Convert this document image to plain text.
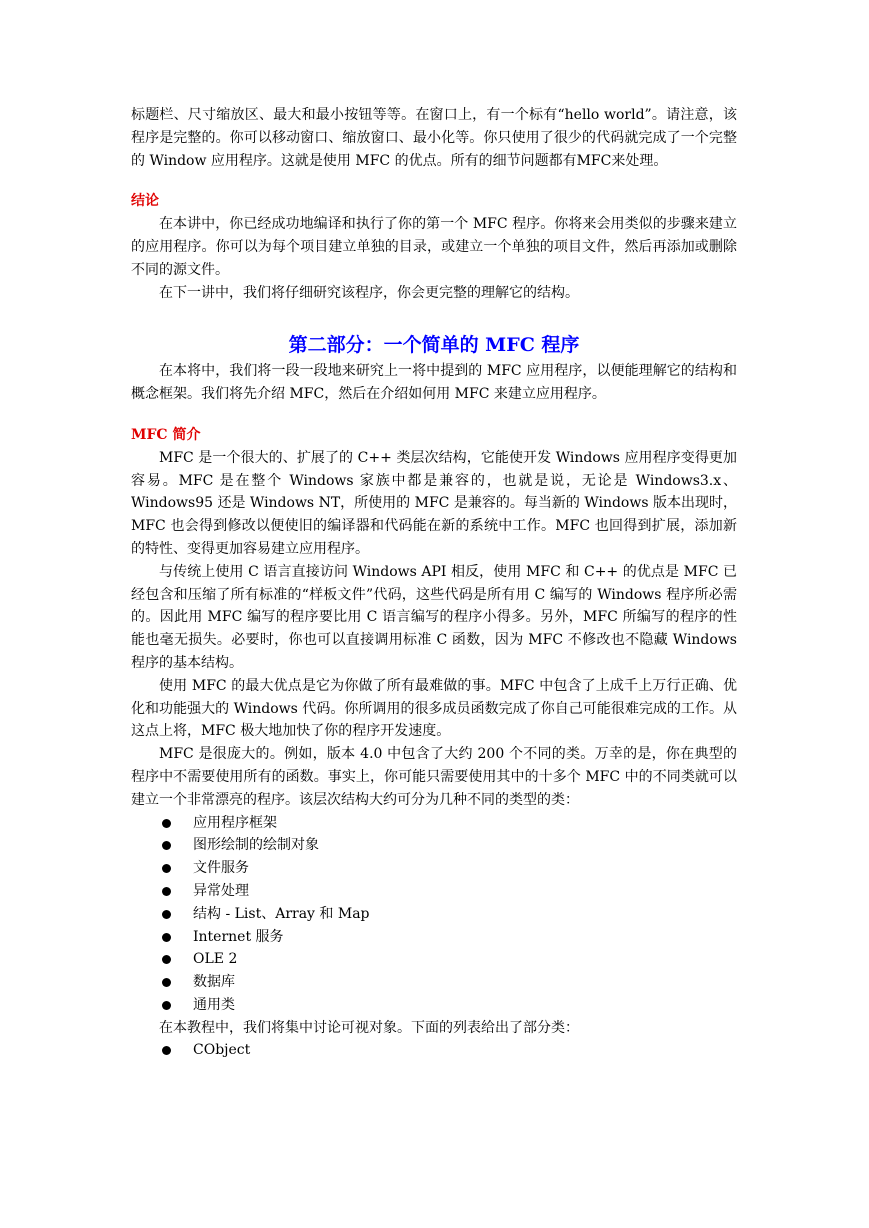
标题栏、尺寸缩放区、最大和最小按钮等等。在窗口上，有一个标有“hello world”。请注意，该程序是完整的。你可以移动窗口、缩放窗口、最小化等。你只使用了很少的代码就完成了一个完整的 Window 应用程序。这就是使用 MFC 的优点。所有的细节问题都有MFC来处理。

结论

在本讲中，你已经成功地编译和执行了你的第一个 MFC 程序。你将来会用类似的步骤来建立的应用程序。你可以为每个项目建立单独的目录，或建立一个单独的项目文件，然后再添加或删除不同的源文件。

在下一讲中，我们将仔细研究该程序，你会更完整的理解它的结构。

第二部分：一个简单的 MFC 程序

在本将中，我们将一段一段地来研究上一将中提到的 MFC 应用程序，以便能理解它的结构和概念框架。我们将先介绍 MFC，然后在介绍如何用 MFC 来建立应用程序。

MFC 简介

MFC 是一个很大的、扩展了的 C++ 类层次结构，它能使开发 Windows 应用程序变得更加容易。MFC 是在整个 Windows 家族中都是兼容的，也就是说，无论是 Windows3.x、Windows95 还是 Windows NT，所使用的 MFC 是兼容的。每当新的 Windows 版本出现时，MFC 也会得到修改以便使旧的编译器和代码能在新的系统中工作。MFC 也回得到扩展，添加新的特性、变得更加容易建立应用程序。

与传统上使用 C 语言直接访问 Windows API 相反，使用 MFC 和 C++ 的优点是 MFC 已经包含和压缩了所有标准的“样板文件”代码，这些代码是所有用 C 编写的 Windows 程序所必需的。因此用 MFC 编写的程序要比用 C 语言编写的程序小得多。另外，MFC 所编写的程序的性能也毫无损失。必要时，你也可以直接调用标准 C 函数，因为 MFC 不修改也不隐藏 Windows 程序的基本结构。

使用 MFC 的最大优点是它为你做了所有最难做的事。MFC 中包含了上成千上万行正确、优化和功能强大的 Windows 代码。你所调用的很多成员函数完成了你自己可能很难完成的工作。从这点上将，MFC 极大地加快了你的程序开发速度。

MFC 是很庞大的。例如，版本 4.0 中包含了大约 200 个不同的类。万幸的是，你在典型的程序中不需要使用所有的函数。事实上，你可能只需要使用其中的十多个 MFC 中的不同类就可以建立一个非常漂亮的程序。该层次结构大约可分为几种不同的类型的类：

应用程序框架
图形绘制的绘制对象
文件服务
异常处理
结构 - List、Array 和 Map
Internet 服务
OLE 2
数据库
通用类

在本教程中，我们将集中讨论可视对象。下面的列表给出了部分类：

CObject
